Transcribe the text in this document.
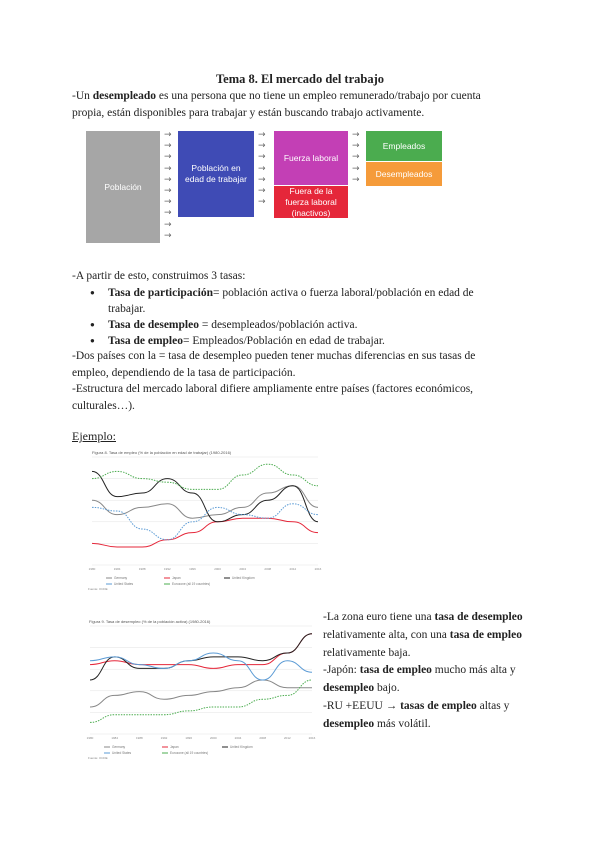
Tema 8. El mercado del trabajo
-Un desempleado es una persona que no tiene un empleo remunerado/trabajo por cuenta propia, están disponibles para trabajar y están buscando trabajo activamente.
Población
→
→
→
→
→
→
→
→
→
→
Población en edad de trabajar
→
→
→
→
→
→
→
Fuerza laboral
Fuera de la fuerza laboral (inactivos)
→
→
→
→
→
Empleados
Desempleados
-A partir de esto, construimos 3 tasas:
● Tasa de participación= población activa o fuerza laboral/población en edad de trabajar.
● Tasa de desempleo = desempleados/población activa.
● Tasa de empleo= Empleados/Población en edad de trabajar.
-Dos países con la = tasa de desempleo pueden tener muchas diferencias en sus tasas de empleo, dependiendo de la tasa de participación.
-Estructura del mercado laboral difiere ampliamente entre países (factores económicos, culturales…).
Ejemplo:
Figura 8. Tasa de empleo (% de la población en edad de trabajar) (1980-2016)
1980	1984	1988	1992	1996	2000	2004	2008	2012	2016
Germany	Japan	United Kingdom
United States	Eurozone (all 19 countries)
Fuente: OCDE
Figura 9. Tasa de desempleo (% de la población activa) (1980-2016)
1980	1984	1988	1992	1996	2000	2004	2008	2012	2016
Germany	Japan	United Kingdom
United States	Eurozone (all 19 countries)
Fuente: OCDE

-La zona euro tiene una tasa de desempleo relativamente alta, con una tasa de empleo relativamente baja.

-Japón: tasa de empleo mucho más alta y desempleo bajo.

-RU +EEUU → tasas de empleo altas y desempleo más volátil.
